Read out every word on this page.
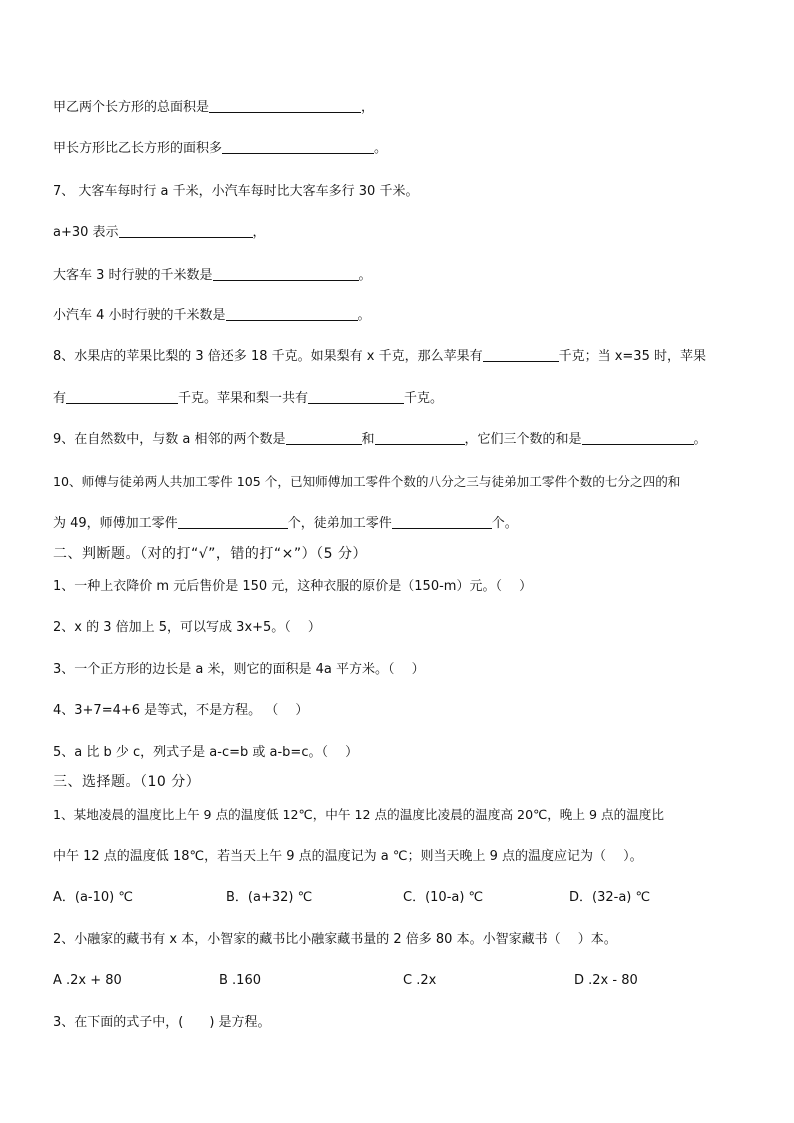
甲乙两个长方形的总面积是	，
甲长方形比乙长方形的面积多	。
7、 大客车每时行 a 千米，小汽车每时比大客车多行 30 千米。
a+30 表示	，
大客车 3 时行驶的千米数是	。
小汽车 4 小时行驶的千米数是	。
8、水果店的苹果比梨的 3 倍还多 18 千克。如果梨有 x 千克，那么苹果有	千克；当 x=35 时，苹果
有	千克。苹果和梨一共有	千克。
9、在自然数中，与数 a 相邻的两个数是	和	，它们三个数的和是	。
10、师傅与徒弟两人共加工零件 105 个，已知师傅加工零件个数的八分之三与徒弟加工零件个数的七分之四的和
为 49，师傅加工零件	个，徒弟加工零件	个。
二、判断题。（对的打“√”，错的打“×”）（5 分）
1、一种上衣降价 m 元后售价是 150 元，这种衣服的原价是（150-m）元。（　 ）
2、x 的 3 倍加上 5，可以写成 3x+5。（　 ）
3、一个正方形的边长是 a 米，则它的面积是 4a 平方米。（　 ）
4、3+7=4+6 是等式，不是方程。 （　 ）
5、a 比 b 少 c，列式子是 a-c=b 或 a-b=c。（　 ）
三、选择题。（10 分）
1、某地凌晨的温度比上午 9 点的温度低 12℃，中午 12 点的温度比凌晨的温度高 20℃，晚上 9 点的温度比
中午 12 点的温度低 18℃，若当天上午 9 点的温度记为 a ℃；则当天晚上 9 点的温度应记为（　 ）。
A．(a-10) ℃	B．(a+32) ℃	C．(10-a) ℃	D．(32-a) ℃
2、小融家的藏书有 x 本，小智家的藏书比小融家藏书量的 2 倍多 80 本。小智家藏书（　 ）本。
A .2x + 80	B .160	C .2x	D .2x - 80
3、在下面的式子中，(　　) 是方程。
